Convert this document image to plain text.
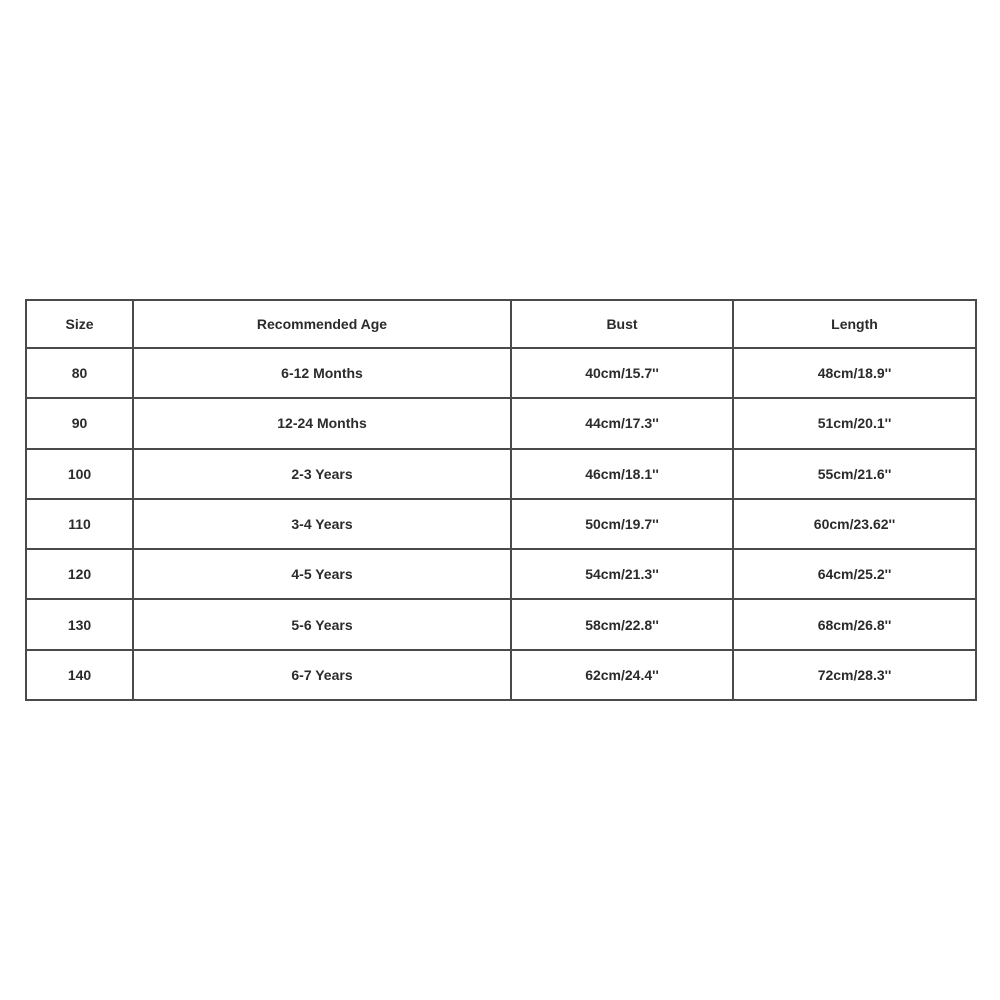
Size	Recommended Age	Bust	Length
80	6-12 Months	40cm/15.7''	48cm/18.9''
90	12-24 Months	44cm/17.3''	51cm/20.1''
100	2-3 Years	46cm/18.1''	55cm/21.6''
110	3-4 Years	50cm/19.7''	60cm/23.62''
120	4-5 Years	54cm/21.3''	64cm/25.2''
130	5-6 Years	58cm/22.8''	68cm/26.8''
140	6-7 Years	62cm/24.4''	72cm/28.3''
